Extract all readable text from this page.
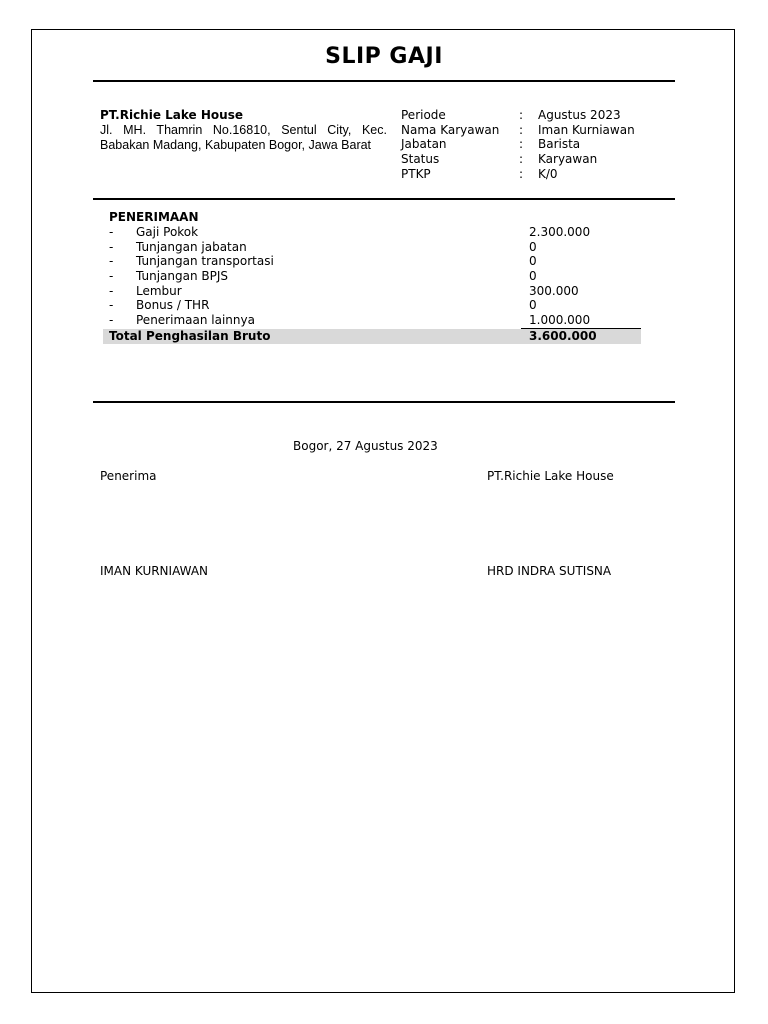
SLIP GAJI
PT.Richie Lake House
Jl. MH. Thamrin No.16810, Sentul City, Kec. Babakan Madang, Kabupaten Bogor, Jawa Barat
Periode	: Agustus 2023
Nama Karyawan : Iman Kurniawan
Jabatan	: Barista
Status	: Karyawan
PTKP	: K/0
PENERIMAAN
- Gaji Pokok	2.300.000
- Tunjangan jabatan	0
- Tunjangan transportasi	0
- Tunjangan BPJS	0
- Lembur	300.000
- Bonus / THR	0
- Penerimaan lainnya	1.000.000
Total Penghasilan Bruto	3.600.000
Bogor, 27 Agustus 2023
Penerima	PT.Richie Lake House
IMAN KURNIAWAN	HRD INDRA SUTISNA
